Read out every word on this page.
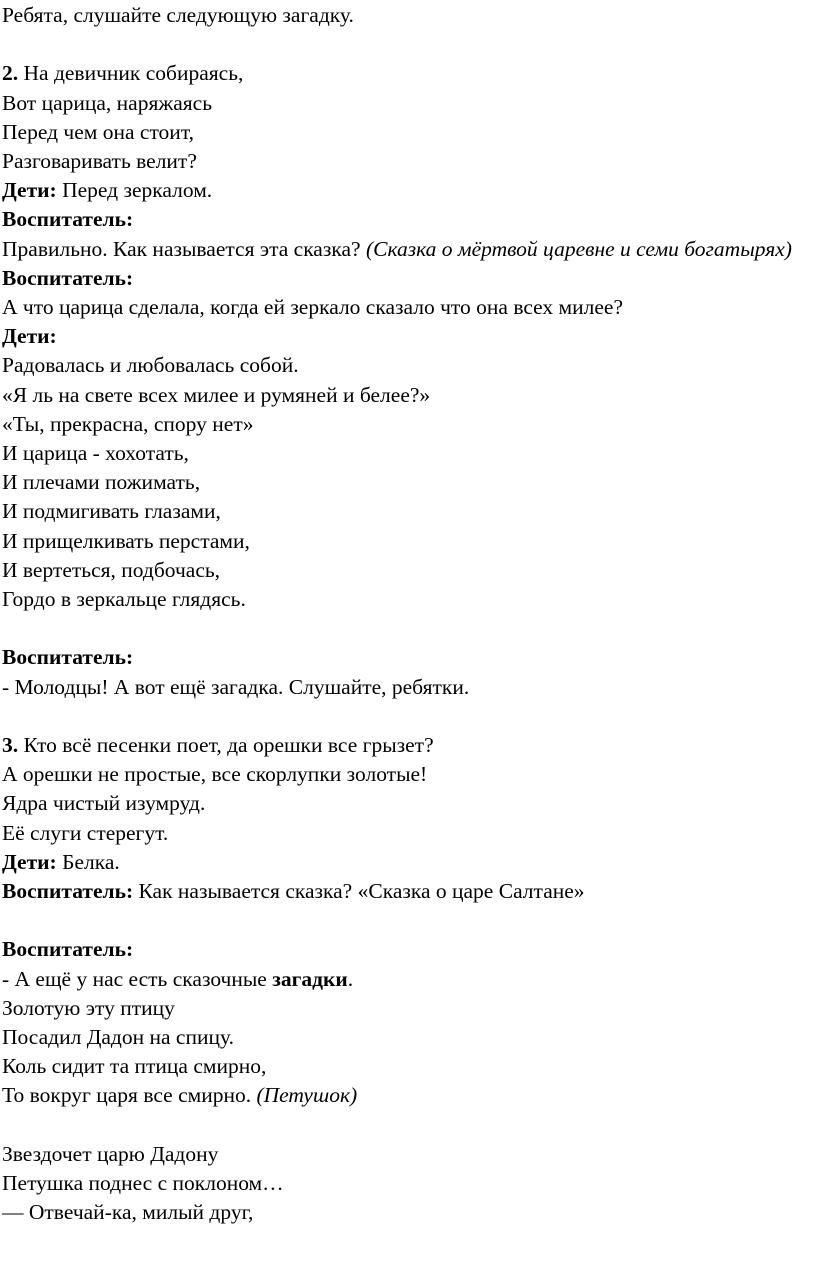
Ребята, слушайте следующую загадку.
2. На девичник собираясь,
Вот царица, наряжаясь
Перед чем она стоит,
Разговаривать велит?
Дети: Перед зеркалом.
Воспитатель:
Правильно. Как называется эта сказка? (Сказка о мёртвой царевне и семи богатырях)
Воспитатель:
А что царица сделала, когда ей зеркало сказало что она всех милее?
Дети:
Радовалась и любовалась собой.
«Я ль на свете всех милее и румяней и белее?»
«Ты, прекрасна, спору нет»
И царица - хохотать,
И плечами пожимать,
И подмигивать глазами,
И прищелкивать перстами,
И вертеться, подбочась,
Гордо в зеркальце глядясь.
Воспитатель:
- Молодцы! А вот ещё загадка. Слушайте, ребятки.
3. Кто всё песенки поет, да орешки все грызет?
А орешки не простые, все скорлупки золотые!
Ядра чистый изумруд.
Её слуги стерегут.
Дети: Белка.
Воспитатель: Как называется сказка? «Сказка о царе Салтане»
Воспитатель:
- А ещё у нас есть сказочные загадки.
Золотую эту птицу
Посадил Дадон на спицу.
Коль сидит та птица смирно,
То вокруг царя все смирно. (Петушок)
Звездочет царю Дадону
Петушка поднес с поклоном…
— Отвечай-ка, милый друг,
